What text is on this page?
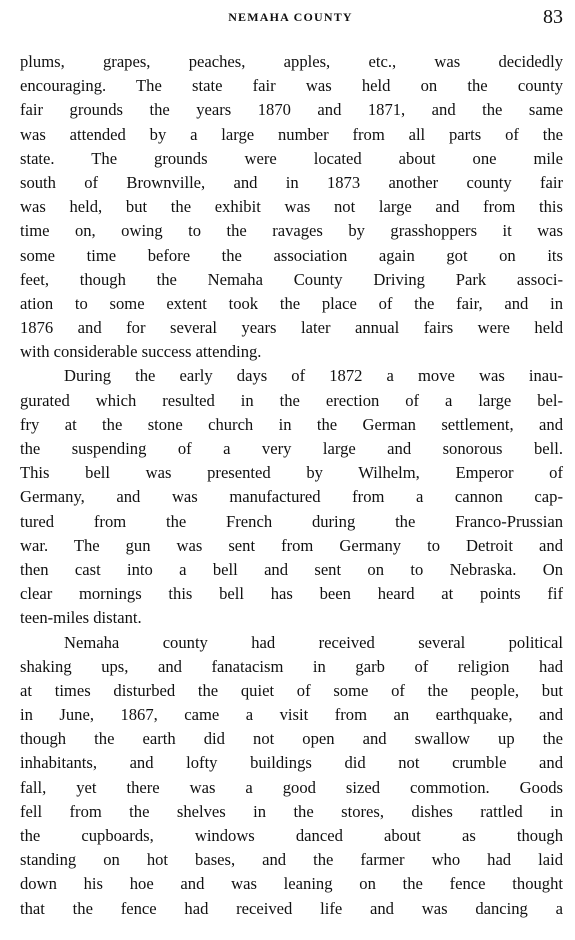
NEMAHA COUNTY	83

plums, grapes, peaches, apples, etc., was decidedly
encouraging. The state fair was held on the county
fair grounds the years 1870 and 1871, and the same
was attended by a large number from all parts of the
state. The grounds were located about one mile
south of Brownville, and in 1873 another county fair
was held, but the exhibit was not large and from this
time on, owing to the ravages by grasshoppers it was
some time before the association again got on its
feet, though the Nemaha County Driving Park associ-
ation to some extent took the place of the fair, and in
1876 and for several years later annual fairs were held
with considerable success attending.

During the early days of 1872 a move was inau-
gurated which resulted in the erection of a large bel-
fry at the stone church in the German settlement, and
the suspending of a very large and sonorous bell.
This bell was presented by Wilhelm, Emperor of
Germany, and was manufactured from a cannon cap-
tured from the French during the Franco-Prussian
war. The gun was sent from Germany to Detroit and
then cast into a bell and sent on to Nebraska. On
clear mornings this bell has been heard at points fif
teen-miles distant.

Nemaha county had received several political
shaking ups, and fanatacism in garb of religion had
at times disturbed the quiet of some of the people, but
in June, 1867, came a visit from an earthquake, and
though the earth did not open and swallow up the
inhabitants, and lofty buildings did not crumble and
fall, yet there was a good sized commotion. Goods
fell from the shelves in the stores, dishes rattled in
the cupboards, windows danced about as though
standing on hot bases, and the farmer who had laid
down his hoe and was leaning on the fence thought
that the fence had received life and was dancing a
